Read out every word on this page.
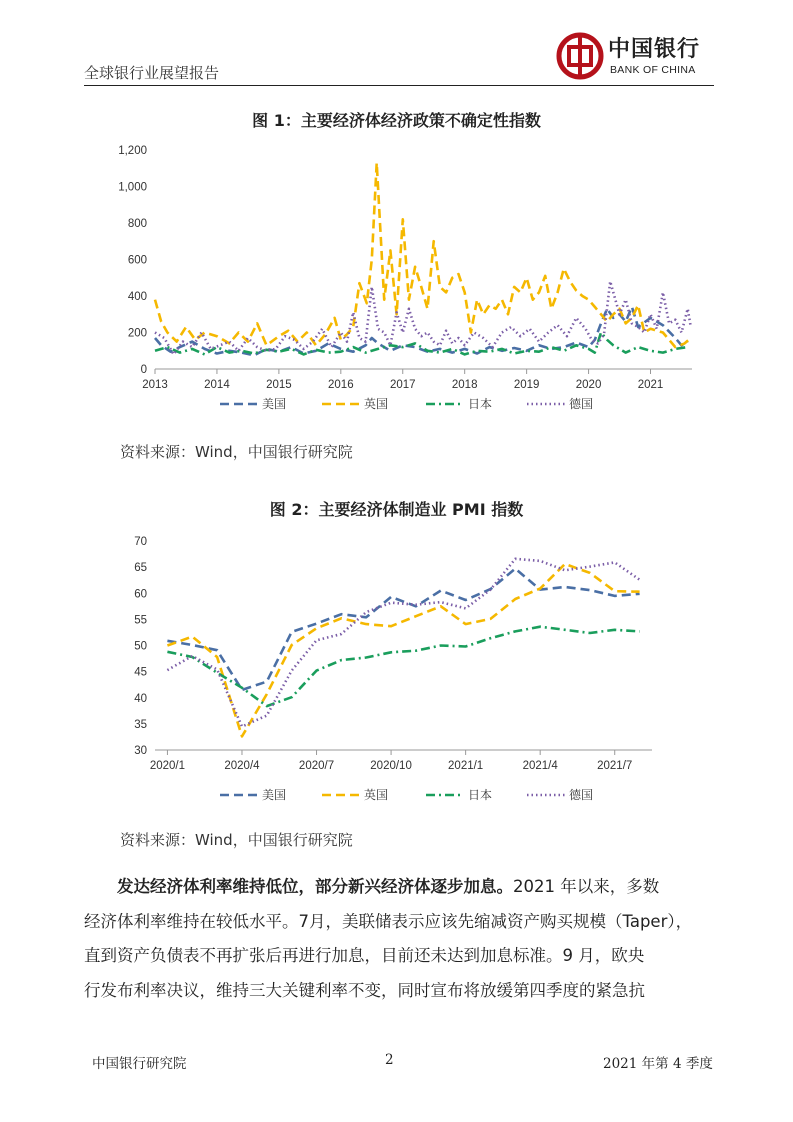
全球银行业展望报告
中国银行
BANK OF CHINA
图 1：主要经济体经济政策不确定性指数
0
200
400
600
800
1,000
1,200
2013	2014	2015	2016	2017	2018	2019	2020	2021
美国	英国	日本	德国
资料来源：Wind，中国银行研究院
图 2：主要经济体制造业 PMI 指数
30
35
40
45
50
55
60
65
70
2020/1	2020/4	2020/7	2020/10	2021/1	2021/4	2021/7
美国	英国	日本	德国
资料来源：Wind，中国银行研究院
发达经济体利率维持低位，部分新兴经济体逐步加息。2021 年以来，多数
经济体利率维持在较低水平。7月，美联储表示应该先缩减资产购买规模（Taper），
直到资产负债表不再扩张后再进行加息，目前还未达到加息标准。9 月，欧央
行发布利率决议，维持三大关键利率不变，同时宣布将放缓第四季度的紧急抗
中国银行研究院	2	2021 年第 4 季度
